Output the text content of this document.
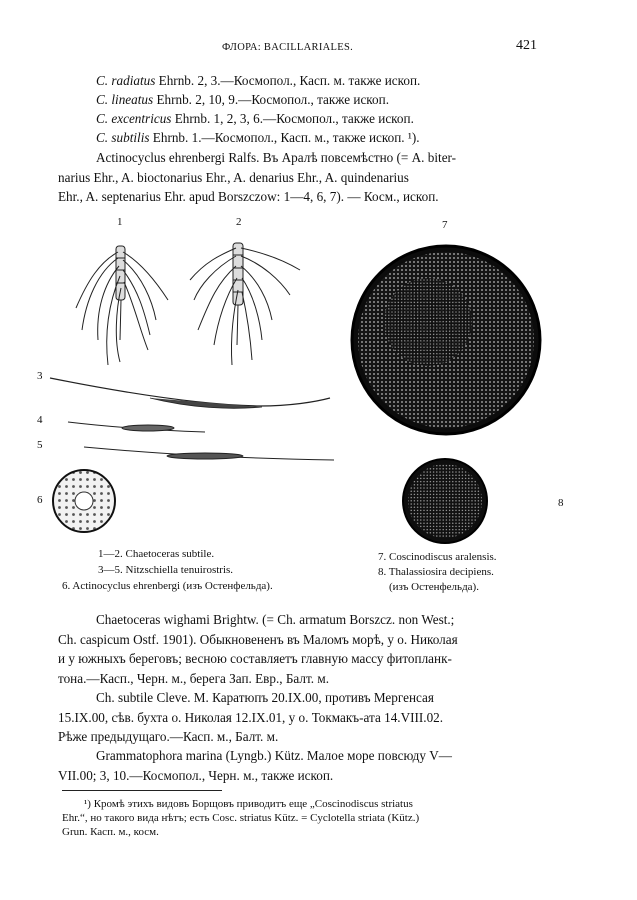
ФЛОРА: BACILLARIALES.	421
C. radiatus Ehrnb. 2, 3.—Космопол., Касп. м. также ископ.
C. lineatus Ehrnb. 2, 10, 9.—Космопол., также ископ.
C. excentricus Ehrnb. 1, 2, 3, 6.—Космопол., также ископ.
C. subtilis Ehrnb. 1.—Космопол., Касп. м., также ископ. ¹).
Actinocyclus ehrenbergi Ralfs. Въ Аралѣ повсемѣстно (= A. biter-
narius Ehr., A. bioctonarius Ehr., A. denarius Ehr., A. quindenarius
Ehr., A. septenarius Ehr. apud Borszczow: 1—4, 6, 7). — Косм., ископ.
1	2	7
3
4
5
6	8
1—2. Chaetoceras subtile.
3—5. Nitzschiella tenuirostris.
6. Actinocyclus ehrenbergi (изъ Остенфельда).
7. Coscinodiscus aralensis.
8. Thalassiosira decipiens.
(изъ Остенфельда).
Chaetoceras wighami Brightw. (= Ch. armatum Borszcz. non West.;
Ch. caspicum Ostf. 1901). Обыкновененъ въ Маломъ морѣ, у о. Николая
и у южныхъ береговъ; весною составляетъ главную массу фитопланк-
тона.—Касп., Черн. м., берега Зап. Евр., Балт. м.
Ch. subtile Cleve. М. Каратюпъ 20.IX.00, противъ Мергенсая
15.IX.00, сѣв. бухта о. Николая 12.IX.01, у о. Токмакъ-ата 14.VIII.02.
Рѣже предыдущаго.—Касп. м., Балт. м.
Grammatophora marina (Lyngb.) Kütz. Малое море повсюду V—
VII.00; 3, 10.—Космопол., Черн. м., также ископ.
¹) Кромѣ этихъ видовъ Борщовъ приводитъ еще „Coscinodiscus striatus
Ehr.“, но такого вида нѣтъ; есть Cosc. striatus Kütz. = Cyclotella striata (Kütz.)
Grun. Касп. м., косм.
